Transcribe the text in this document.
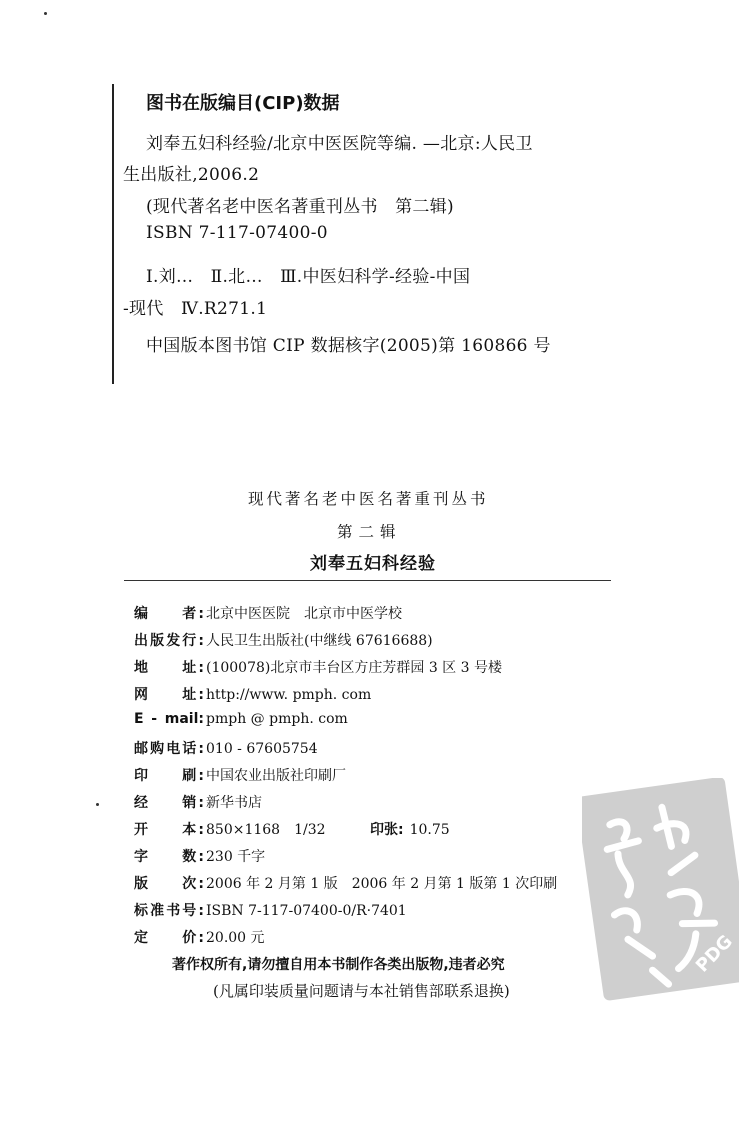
图书在版编目(CIP)数据
刘奉五妇科经验/北京中医医院等编. —北京:人民卫
生出版社,2006.2
(现代著名老中医名著重刊丛书　第二辑)
ISBN 7-117-07400-0
Ⅰ.刘…　Ⅱ.北…　Ⅲ.中医妇科学-经验-中国
-现代　Ⅳ.R271.1
中国版本图书馆 CIP 数据核字(2005)第 160866 号
现代著名老中医名著重刊丛书
第二辑
刘奉五妇科经验
编　　者: 北京中医医院　北京市中医学校
出版发行: 人民卫生出版社(中继线 67616688)
地　　址: (100078)北京市丰台区方庄芳群园 3 区 3 号楼
网　　址: http://www. pmph. com
E - mail: pmph @ pmph. com
邮购电话: 010 - 67605754
印　　刷: 中国农业出版社印刷厂
经　　销: 新华书店
开　　本: 850×1168　1/32	印张: 10.75
字　　数: 230 千字
版　　次: 2006 年 2 月第 1 版　2006 年 2 月第 1 版第 1 次印刷
标准书号: ISBN 7-117-07400-0/R·7401
定　　价: 20.00 元
著作权所有,请勿擅自用本书制作各类出版物,违者必究
(凡属印装质量问题请与本社销售部联系退换)
PDG
